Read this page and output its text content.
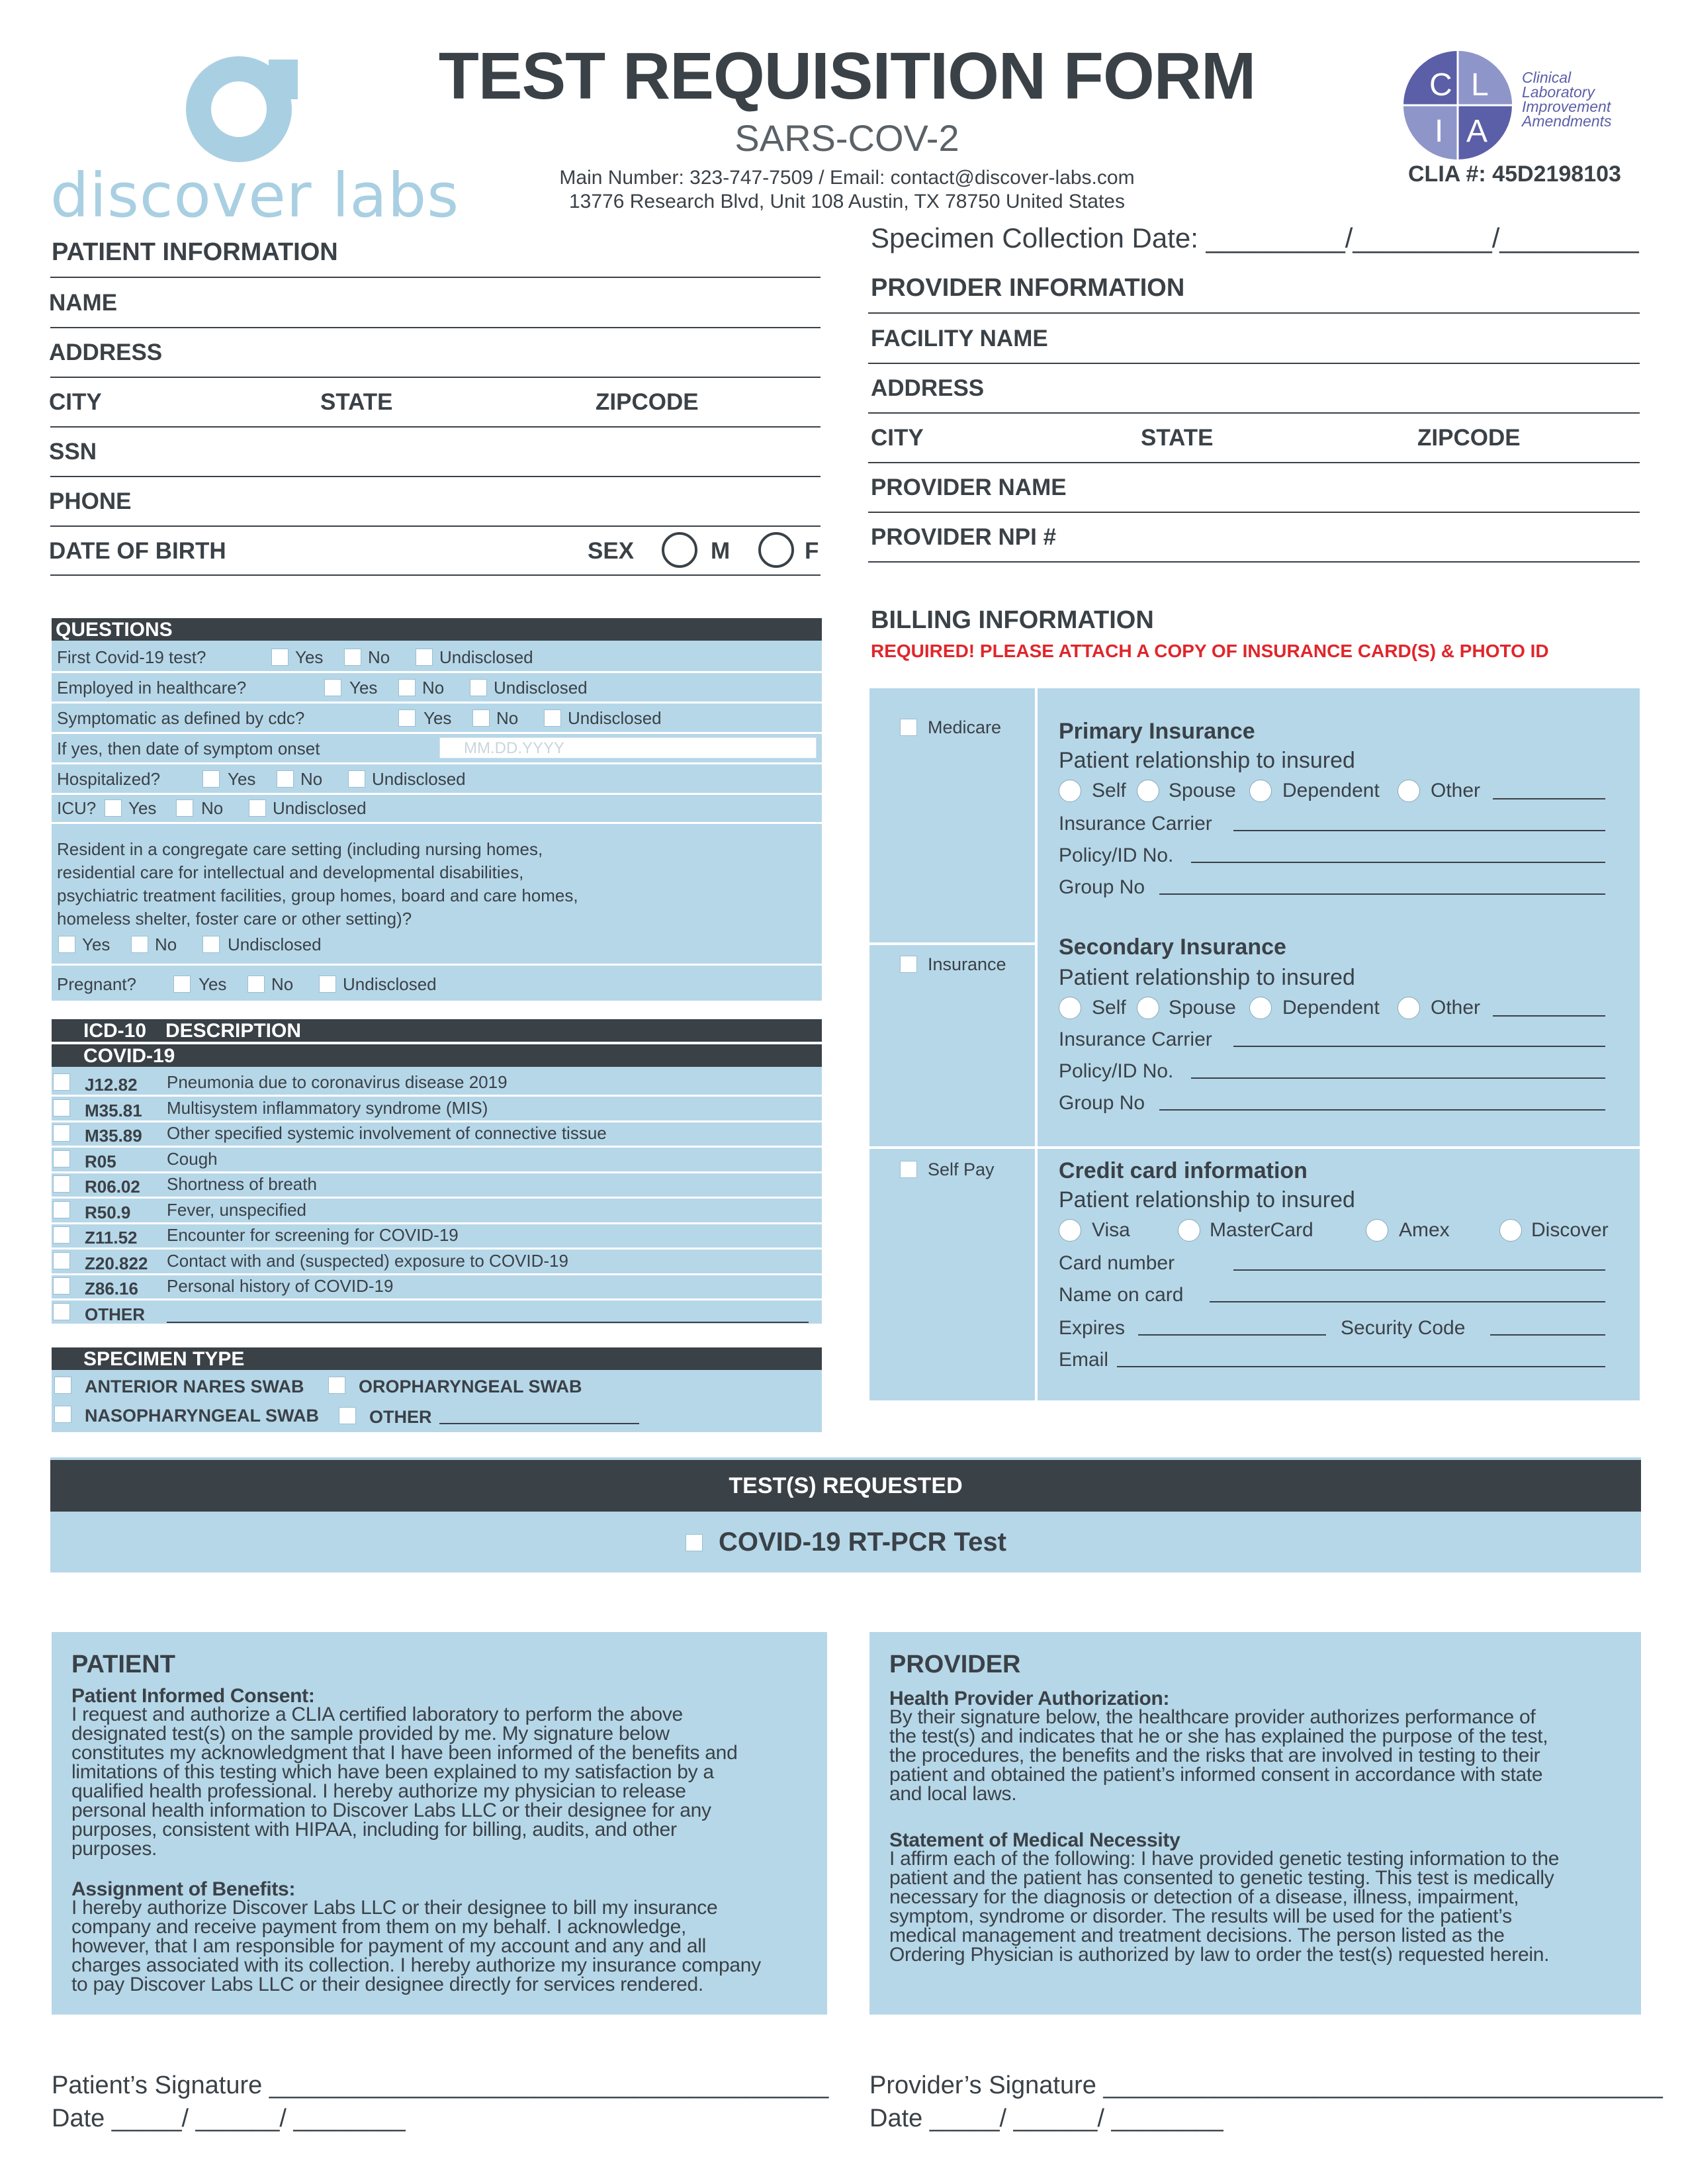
discover labs
TEST REQUISITION FORM
SARS-COV-2
Main Number: 323-747-7509 / Email: contact@discover-labs.com
13776 Research Blvd, Unit 108 Austin, TX 78750 United States
C L
I A
Clinical
Laboratory
Improvement
Amendments
CLIA #: 45D2198103
PATIENT INFORMATION
NAME
ADDRESS
CITY	STATE	ZIPCODE
SSN
PHONE
DATE OF BIRTH	SEX	M	F
Specimen Collection Date: _________/_________/_________
PROVIDER INFORMATION
FACILITY NAME
ADDRESS
CITY	STATE	ZIPCODE
PROVIDER NAME
PROVIDER NPI #
QUESTIONS
First Covid-19 test?	Yes	No	Undisclosed
Employed in healthcare?	Yes	No	Undisclosed
Symptomatic as defined by cdc?	Yes	No	Undisclosed
If yes, then date of symptom onset	MM.DD.YYYY
Hospitalized?	Yes	No	Undisclosed
ICU? Yes	No	Undisclosed
Resident in a congregate care setting (including nursing homes,
residential care for intellectual and developmental disabilities,
psychiatric treatment facilities, group homes, board and care homes,
homeless shelter, foster care or other setting)?
Yes	No	Undisclosed
Pregnant?	Yes	No	Undisclosed
ICD-10 DESCRIPTION
COVID-19
J12.82 Pneumonia due to coronavirus disease 2019
M35.81 Multisystem inflammatory syndrome (MIS)
M35.89 Other specified systemic involvement of connective tissue
R05	Cough
R06.02 Shortness of breath
R50.9 Fever, unspecified
Z11.52 Encounter for screening for COVID-19
Z20.822 Contact with and (suspected) exposure to COVID-19
Z86.16 Personal history of COVID-19
OTHER
SPECIMEN TYPE
ANTERIOR NARES SWAB	OROPHARYNGEAL SWAB
NASOPHARYNGEAL SWAB	OTHER
BILLING INFORMATION
REQUIRED! PLEASE ATTACH A COPY OF INSURANCE CARD(S) & PHOTO ID
Medicare
Insurance
Self Pay
Primary Insurance
Patient relationship to insured
Self Spouse Dependent	Other
Insurance Carrier
Policy/ID No.
Group No
Secondary Insurance
Patient relationship to insured
Self Spouse Dependent	Other
Insurance Carrier
Policy/ID No.
Group No
Credit card information
Patient relationship to insured
Visa	MasterCard	Amex	Discover
Card number
Name on card
Expires	Security Code
Email
TEST(S) REQUESTED
COVID-19 RT-PCR Test
PATIENT
Patient Informed Consent:
I request and authorize a CLIA certified laboratory to perform the above
designated test(s) on the sample provided by me. My signature below
constitutes my acknowledgment that I have been informed of the benefits and
limitations of this testing which have been explained to my satisfaction by a
qualified health professional. I hereby authorize my physician to release
personal health information to Discover Labs LLC or their designee for any
purposes, consistent with HIPAA, including for billing, audits, and other
purposes.
Assignment of Benefits:
I hereby authorize Discover Labs LLC or their designee to bill my insurance
company and receive payment from them on my behalf. I acknowledge,
however, that I am responsible for payment of my account and any and all
charges associated with its collection. I hereby authorize my insurance company
to pay Discover Labs LLC or their designee directly for services rendered.
PROVIDER
Health Provider Authorization:
By their signature below, the healthcare provider authorizes performance of
the test(s) and indicates that he or she has explained the purpose of the test,
the procedures, the benefits and the risks that are involved in testing to their
patient and obtained the patient’s informed consent in accordance with state
and local laws.
Statement of Medical Necessity
I affirm each of the following: I have provided genetic testing information to the
patient and the patient has consented to genetic testing. This test is medically
necessary for the diagnosis or detection of a disease, illness, impairment,
symptom, syndrome or disorder. The results will be used for the patient’s
medical management and treatment decisions. The person listed as the
Ordering Physician is authorized by law to order the test(s) requested herein.
Patient’s Signature ________________________________________
Date _____/ ______/ ________
Provider’s Signature ________________________________________
Date _____/ ______/ ________
